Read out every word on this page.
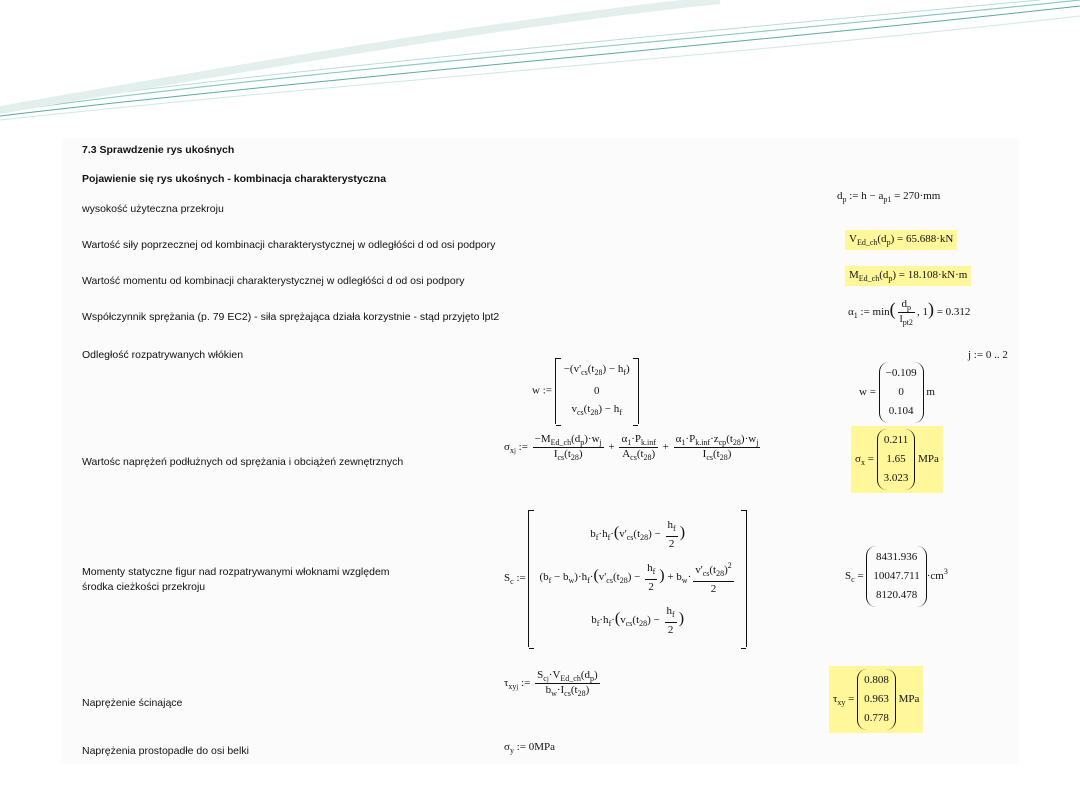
7.3 Sprawdzenie rys ukośnych
Pojawienie się rys ukośnych - kombinacja charakterystyczna
wysokość użyteczna przekroju
$d_p$ := $h - a_{p1} = 270\cdot mm$
Wartość siły poprzecznej od kombinacji charakterystycznej w odległóści d od osi podpory	$V_{Ed\_ch}(d_p) = 65.688\cdot kN$
Wartość momentu od kombinacji charakterystycznej w odległóści d od osi podpory	$M_{Ed\_ch}(d_p) = 18.108\cdot kN\cdot m$
Współczynnik sprężania (p. 79 EC2) - siła sprężająca działa korzystnie - stąd przyjęto lpt2	$\alpha_1$ := $\min( \frac{d_p}{l_{pt2}}$ , 1) = 0.312
Odległość rozpatrywanych włókien	j := 0 .. 2
w := $-(v'_{cs}(t_{28}) - h_f)$
0
$v_{cs}(t_{28}) - h_f$
w = −0.109
0
0.104 m
Wartośc naprężeń podłużnych od sprężania i obciążeń zewnętrznych
$\sigma_{xj}$ := $\frac{-M_{Ed\_ch}(d_p)\cdot w_j}{I_{cs}(t_{28})} + \frac{\alpha_1\cdot P_{k.inf}}{A_{cs}(t_{28})} + \frac{\alpha_1\cdot P_{k.inf}\cdot z_{cp}(t_{28})\cdot w_j}{I_{cs}(t_{28})}$	$\sigma_x = 0.211$
1.65
3.023 MPa
Momenty statyczne figur nad rozpatrywanymi włoknami względem
środka cieżkości przekroju
$S_c$ := $b_f\cdot h_f\cdot(v'_{cs}(t_{28}) - \frac{h_f}{2}$ )
$(b_f - b_w)\cdot h_f\cdot(v'_{cs}(t_{28}) - \frac{h_f}{2}$ ) + $b_w\cdot \frac{v'_{cs}(t_{28})^2}{2}$

$b_f\cdot h_f\cdot(v_{cs}(t_{28}) - \frac{h_f}{2}$ )
$S_c = 8431.936$
10047.711
$8120.478\cdot cm^3$
Naprężenie ścinające
$\tau_{xyj}$ := $\frac{S_{cj}\cdot V_{Ed\_ch}(d_p)}{b_w\cdot I_{cs}(t_{28})}$
$\tau_{xy} = 0.808$
0.963
0.778 MPa
Naprężenia prostopadłe do osi belki	$\sigma_y$ := 0MPa
